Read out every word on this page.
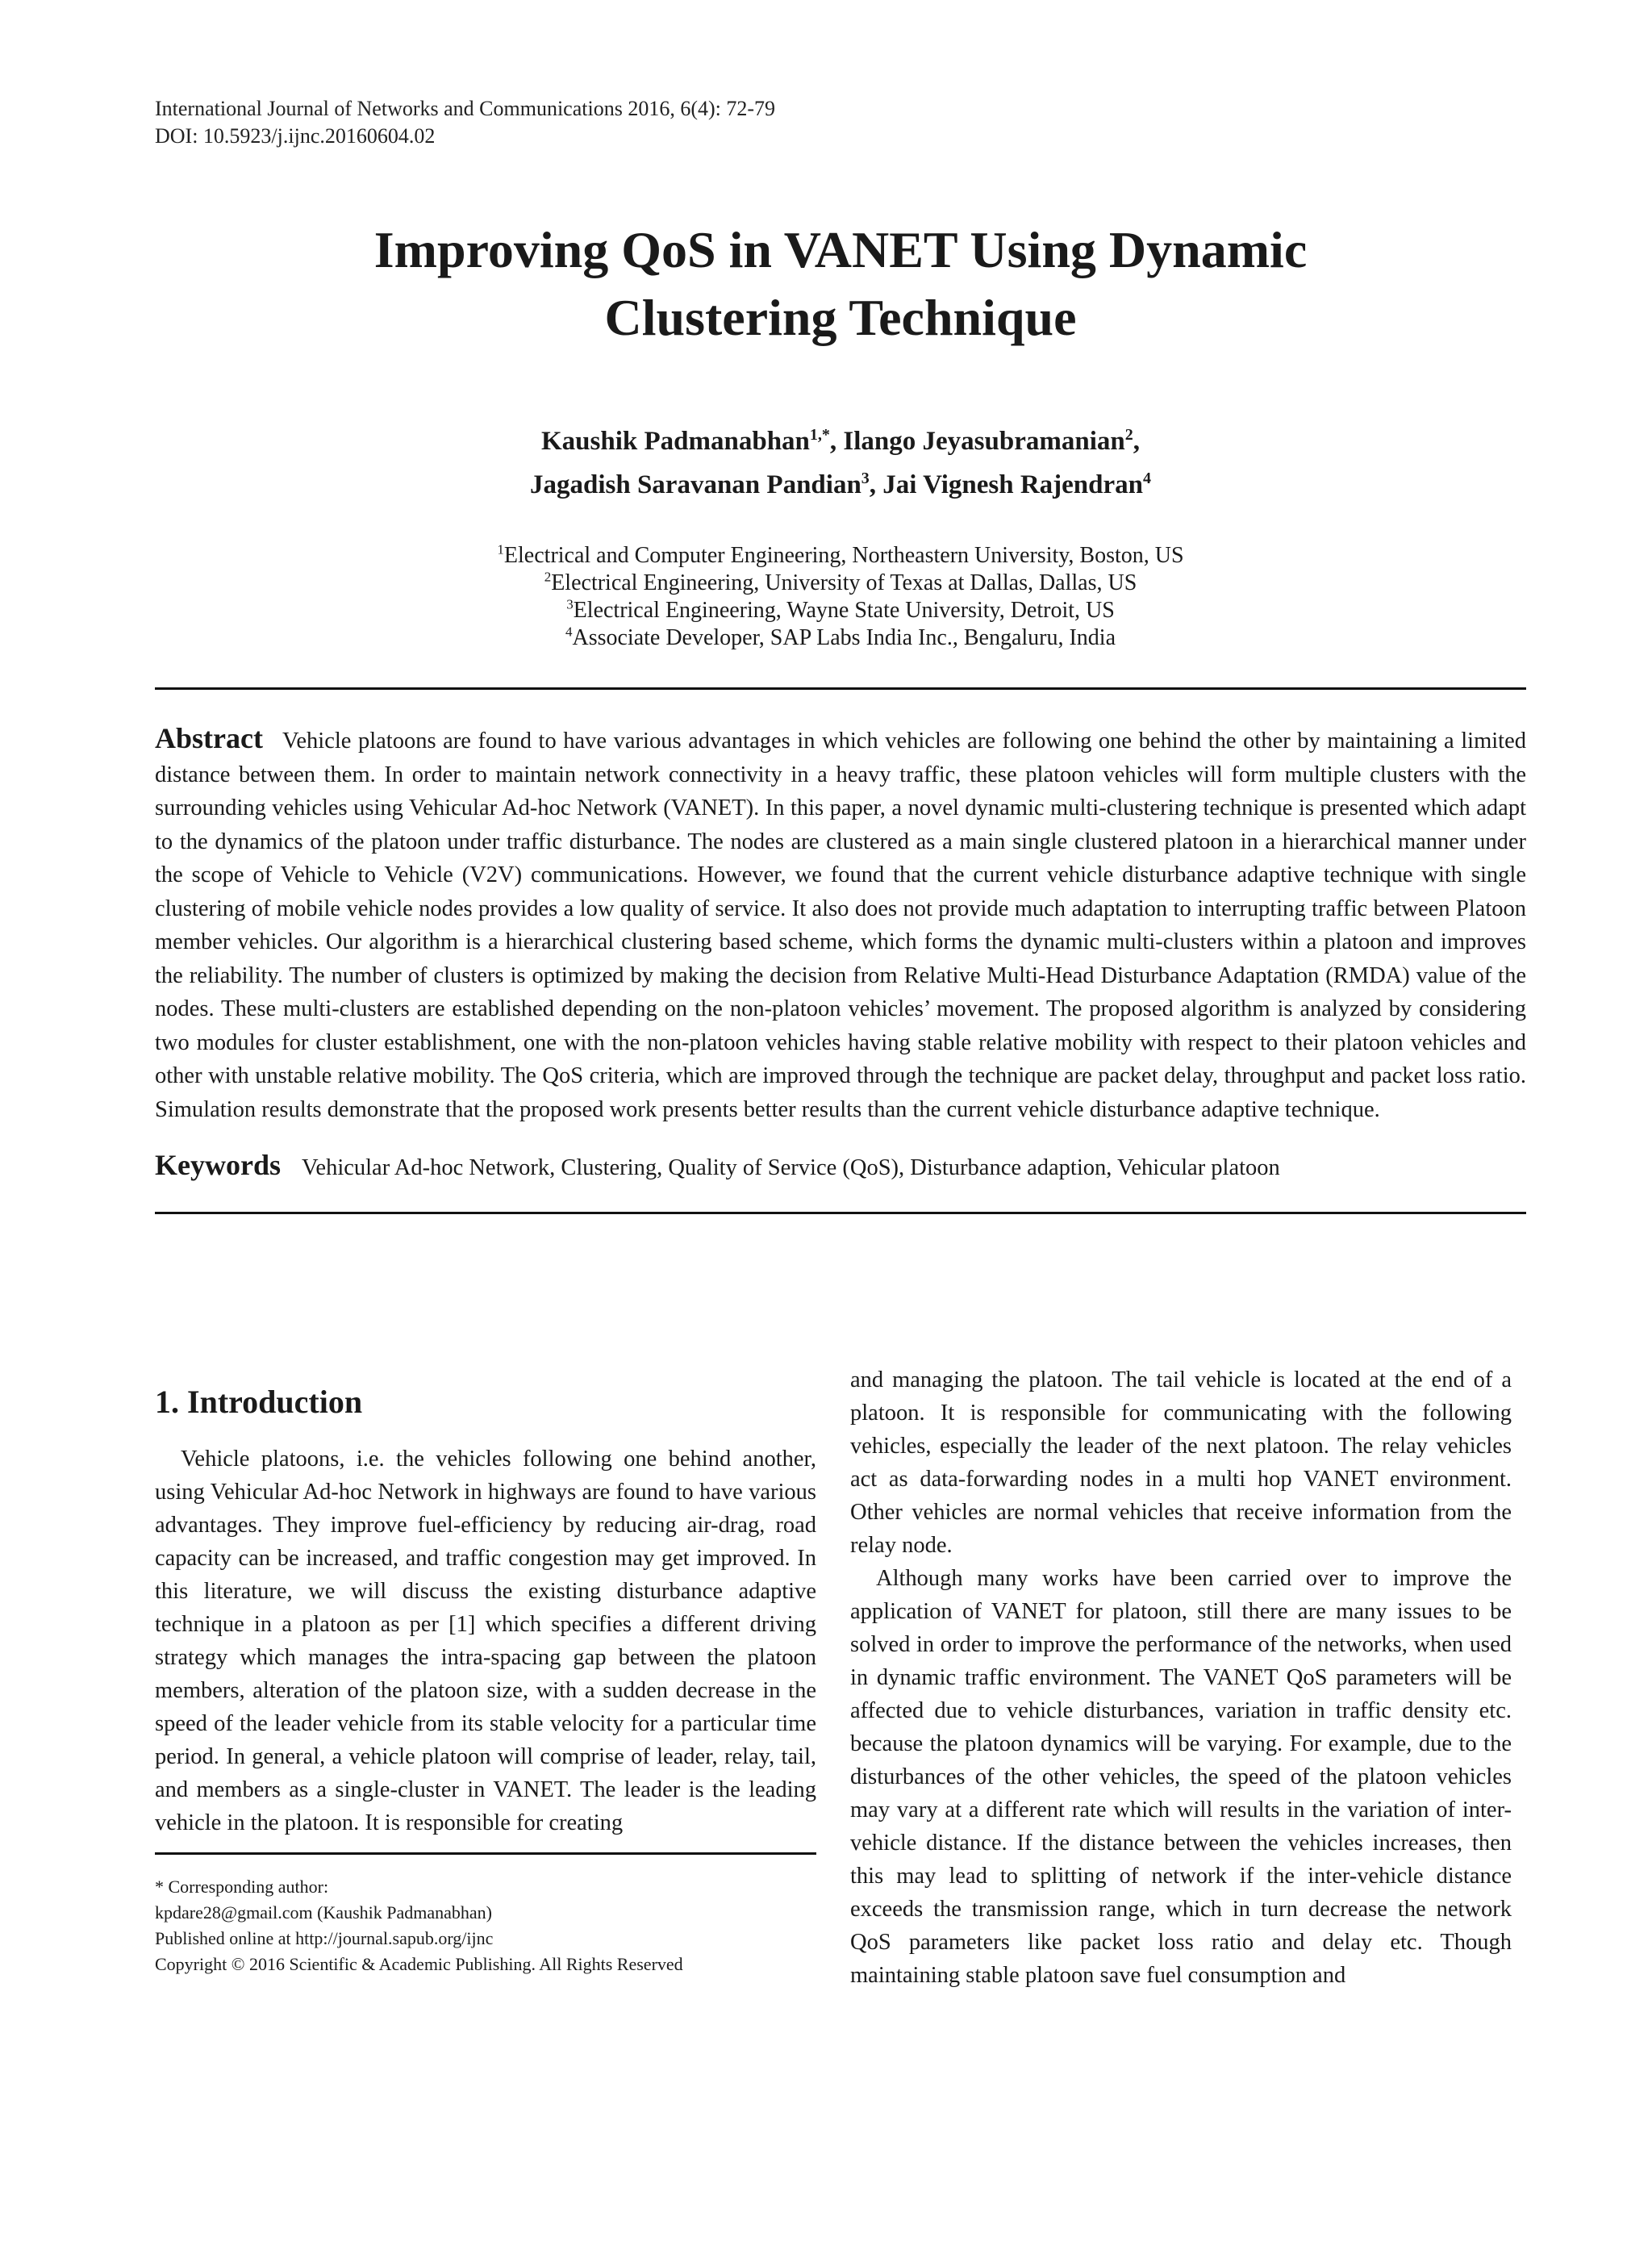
International Journal of Networks and Communications 2016, 6(4): 72-79
DOI: 10.5923/j.ijnc.20160604.02
Improving QoS in VANET Using Dynamic
Clustering Technique
Kaushik Padmanabhan$^{1,*}$, Ilango Jeyasubramanian$^2$,
Jagadish Saravanan Pandian$^3$, Jai Vignesh Rajendran$^4$
$^1$Electrical and Computer Engineering, Northeastern University, Boston, US
$^2$Electrical Engineering, University of Texas at Dallas, Dallas, US
$^3$Electrical Engineering, Wayne State University, Detroit, US
$^4$Associate Developer, SAP Labs India Inc., Bengaluru, India
Abstract Vehicle platoons are found to have various advantages in which vehicles are following one behind the other by maintaining a limited distance between them. In order to maintain network connectivity in a heavy traffic, these platoon vehicles will form multiple clusters with the surrounding vehicles using Vehicular Ad-hoc Network (VANET). In this paper, a novel dynamic multi-clustering technique is presented which adapt to the dynamics of the platoon under traffic disturbance. The nodes are clustered as a main single clustered platoon in a hierarchical manner under the scope of Vehicle to Vehicle (V2V) communications. However, we found that the current vehicle disturbance adaptive technique with single clustering of mobile vehicle nodes provides a low quality of service. It also does not provide much adaptation to interrupting traffic between Platoon member vehicles. Our algorithm is a hierarchical clustering based scheme, which forms the dynamic multi-clusters within a platoon and improves the reliability. The number of clusters is optimized by making the decision from Relative Multi-Head Disturbance Adaptation (RMDA) value of the nodes. These multi-clusters are established depending on the non-platoon vehicles’ movement. The proposed algorithm is analyzed by considering two modules for cluster establishment, one with the non-platoon vehicles having stable relative mobility with respect to their platoon vehicles and other with unstable relative mobility. The QoS criteria, which are improved through the technique are packet delay, throughput and packet loss ratio. Simulation results demonstrate that the proposed work presents better results than the current vehicle disturbance adaptive technique.
Keywords Vehicular Ad-hoc Network, Clustering, Quality of Service (QoS), Disturbance adaption, Vehicular platoon
1. Introduction

Vehicle platoons, i.e. the vehicles following one behind another, using Vehicular Ad-hoc Network in highways are found to have various advantages. They improve fuel-efficiency by reducing air-drag, road capacity can be increased, and traffic congestion may get improved. In this literature, we will discuss the existing disturbance adaptive technique in a platoon as per [1] which specifies a different driving strategy which manages the intra-spacing gap between the platoon members, alteration of the platoon size, with a sudden decrease in the speed of the leader vehicle from its stable velocity for a particular time period. In general, a vehicle platoon will comprise of leader, relay, tail, and members as a single-cluster in VANET. The leader is the leading vehicle in the platoon. It is responsible for creating

* Corresponding author:
kpdare28@gmail.com (Kaushik Padmanabhan)
Published online at http://journal.sapub.org/ijnc
Copyright © 2016 Scientific & Academic Publishing. All Rights Reserved

and managing the platoon. The tail vehicle is located at the end of a platoon. It is responsible for communicating with the following vehicles, especially the leader of the next platoon. The relay vehicles act as data-forwarding nodes in a multi hop VANET environment. Other vehicles are normal vehicles that receive information from the relay node.

Although many works have been carried over to improve the application of VANET for platoon, still there are many issues to be solved in order to improve the performance of the networks, when used in dynamic traffic environment. The VANET QoS parameters will be affected due to vehicle disturbances, variation in traffic density etc. because the platoon dynamics will be varying. For example, due to the disturbances of the other vehicles, the speed of the platoon vehicles may vary at a different rate which will results in the variation of inter-vehicle distance. If the distance between the vehicles increases, then this may lead to splitting of network if the inter-vehicle distance exceeds the transmission range, which in turn decrease the network QoS parameters like packet loss ratio and delay etc. Though maintaining stable platoon save fuel consumption and
